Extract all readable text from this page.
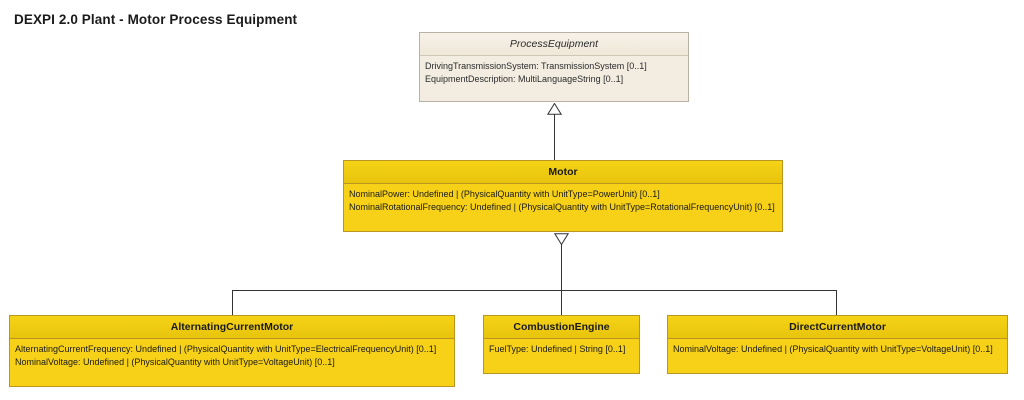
DEXPI 2.0 Plant - Motor Process Equipment
ProcessEquipment
DrivingTransmissionSystem: TransmissionSystem [0..1]
EquipmentDescription: MultiLanguageString [0..1]
Motor
NominalPower: Undefined | (PhysicalQuantity with UnitType=PowerUnit) [0..1]
NominalRotationalFrequency: Undefined | (PhysicalQuantity with UnitType=RotationalFrequencyUnit) [0..1]
AlternatingCurrentMotor
AlternatingCurrentFrequency: Undefined | (PhysicalQuantity with UnitType=ElectricalFrequencyUnit) [0..1]
NominalVoltage: Undefined | (PhysicalQuantity with UnitType=VoltageUnit) [0..1]
CombustionEngine
FuelType: Undefined | String [0..1]
DirectCurrentMotor
NominalVoltage: Undefined | (PhysicalQuantity with UnitType=VoltageUnit) [0..1]
